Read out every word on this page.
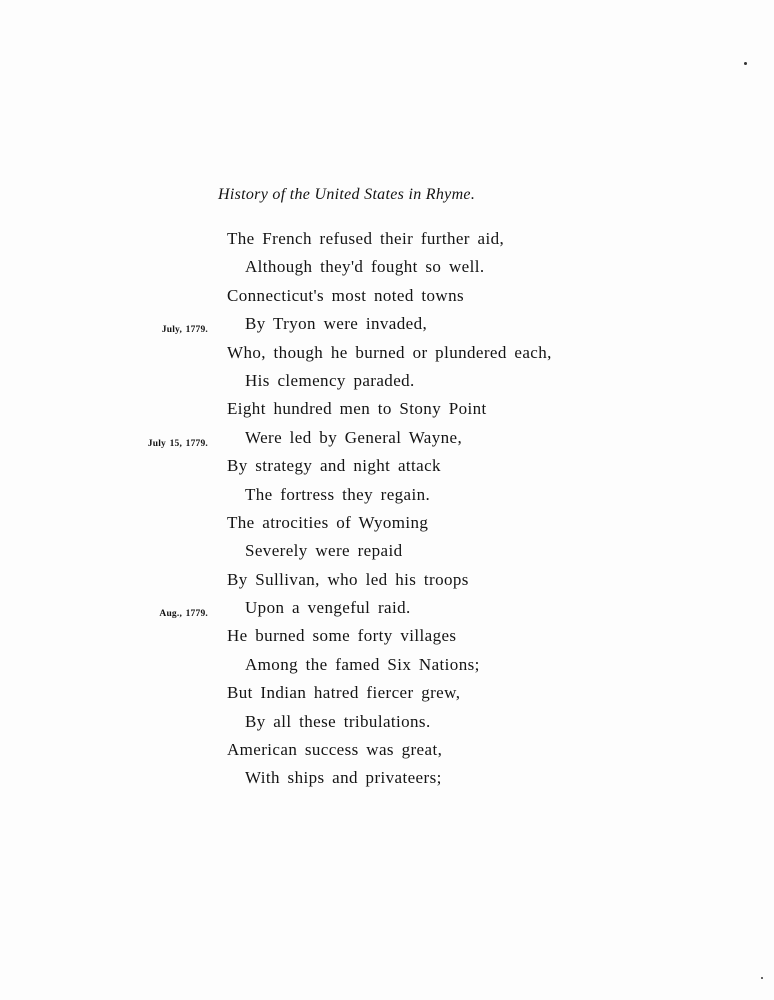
History of the United States in Rhyme.
The French refused their further aid,
Although they'd fought so well.
Connecticut's most noted towns
July, 1779. By Tryon were invaded,
Who, though he burned or plundered each,
His clemency paraded.
Eight hundred men to Stony Point
July 15, 1779. Were led by General Wayne,
By strategy and night attack
The fortress they regain.
The atrocities of Wyoming
Severely were repaid
By Sullivan, who led his troops
Aug., 1779. Upon a vengeful raid.
He burned some forty villages
Among the famed Six Nations;
But Indian hatred fiercer grew,
By all these tribulations.
American success was great,
With ships and privateers;
